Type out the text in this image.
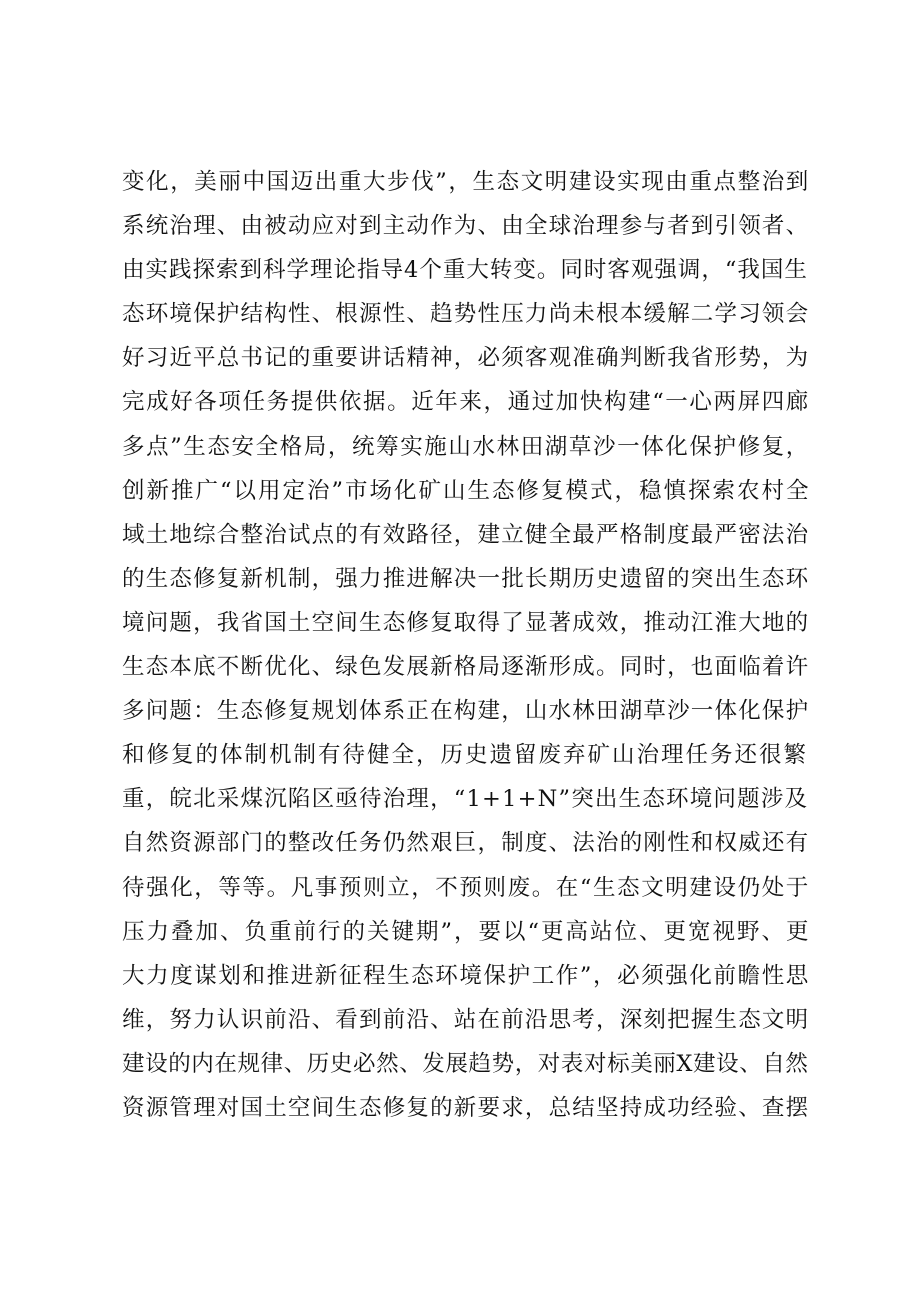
变化，美丽中国迈出重大步伐”，生态文明建设实现由重点整治到
系统治理、由被动应对到主动作为、由全球治理参与者到引领者、
由实践探索到科学理论指导4个重大转变。同时客观强调，“我国生
态环境保护结构性、根源性、趋势性压力尚未根本缓解二学习领会
好习近平总书记的重要讲话精神，必须客观准确判断我省形势，为
完成好各项任务提供依据。近年来，通过加快构建“一心两屏四廊
多点”生态安全格局，统筹实施山水林田湖草沙一体化保护修复，
创新推广“以用定治”市场化矿山生态修复模式，稳慎探索农村全
域土地综合整治试点的有效路径，建立健全最严格制度最严密法治
的生态修复新机制，强力推进解决一批长期历史遗留的突出生态环
境问题，我省国土空间生态修复取得了显著成效，推动江淮大地的
生态本底不断优化、绿色发展新格局逐渐形成。同时，也面临着许
多问题：生态修复规划体系正在构建，山水林田湖草沙一体化保护
和修复的体制机制有待健全，历史遗留废弃矿山治理任务还很繁
重，皖北采煤沉陷区亟待治理，“1+1+N”突出生态环境问题涉及
自然资源部门的整改任务仍然艰巨，制度、法治的刚性和权威还有
待强化，等等。凡事预则立，不预则废。在“生态文明建设仍处于
压力叠加、负重前行的关键期”，要以“更高站位、更宽视野、更
大力度谋划和推进新征程生态环境保护工作”，必须强化前瞻性思
维，努力认识前沿、看到前沿、站在前沿思考，深刻把握生态文明
建设的内在规律、历史必然、发展趋势，对表对标美丽X建设、自然
资源管理对国土空间生态修复的新要求，总结坚持成功经验、查摆
